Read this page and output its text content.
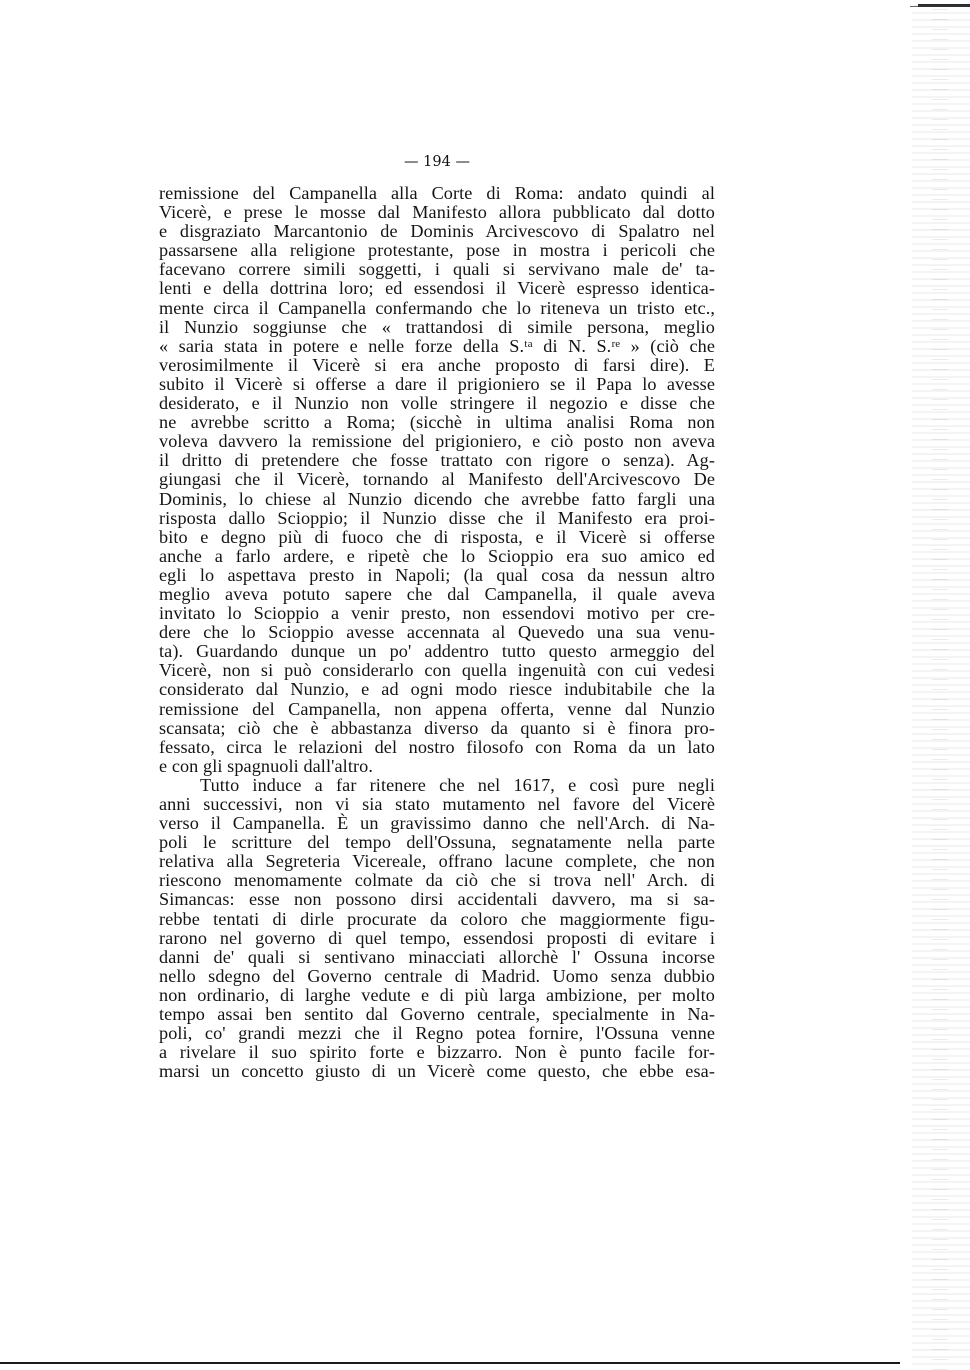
— 194 —
remissione del Campanella alla Corte di Roma: andato quindi al
Vicerè, e prese le mosse dal Manifesto allora pubblicato dal dotto
e disgraziato Marcantonio de Dominis Arcivescovo di Spalatro nel
passarsene alla religione protestante, pose in mostra i pericoli che
facevano correre simili soggetti, i quali si servivano male de' ta-
lenti e della dottrina loro; ed essendosi il Vicerè espresso identica-
mente circa il Campanella confermando che lo riteneva un tristo etc.,
il Nunzio soggiunse che « trattandosi di simile persona, meglio
« saria stata in potere e nelle forze della S.ᵗᵃ di N. S.ʳᵉ » (ciò che
verosimilmente il Vicerè si era anche proposto di farsi dire). E
subito il Vicerè si offerse a dare il prigioniero se il Papa lo avesse
desiderato, e il Nunzio non volle stringere il negozio e disse che
ne avrebbe scritto a Roma; (sicchè in ultima analisi Roma non
voleva davvero la remissione del prigioniero, e ciò posto non aveva
il dritto di pretendere che fosse trattato con rigore o senza). Ag-
giungasi che il Vicerè, tornando al Manifesto dell'Arcivescovo De
Dominis, lo chiese al Nunzio dicendo che avrebbe fatto fargli una
risposta dallo Scioppio; il Nunzio disse che il Manifesto era proi-
bito e degno più di fuoco che di risposta, e il Vicerè si offerse
anche a farlo ardere, e ripetè che lo Scioppio era suo amico ed
egli lo aspettava presto in Napoli; (la qual cosa da nessun altro
meglio aveva potuto sapere che dal Campanella, il quale aveva
invitato lo Scioppio a venir presto, non essendovi motivo per cre-
dere che lo Scioppio avesse accennata al Quevedo una sua venu-
ta). Guardando dunque un po' addentro tutto questo armeggio del
Vicerè, non si può considerarlo con quella ingenuità con cui vedesi
considerato dal Nunzio, e ad ogni modo riesce indubitabile che la
remissione del Campanella, non appena offerta, venne dal Nunzio
scansata; ciò che è abbastanza diverso da quanto si è finora pro-
fessato, circa le relazioni del nostro filosofo con Roma da un lato
e con gli spagnuoli dall'altro.
Tutto induce a far ritenere che nel 1617, e così pure negli
anni successivi, non vi sia stato mutamento nel favore del Vicerè
verso il Campanella. È un gravissimo danno che nell'Arch. di Na-
poli le scritture del tempo dell'Ossuna, segnatamente nella parte
relativa alla Segreteria Vicereale, offrano lacune complete, che non
riescono menomamente colmate da ciò che si trova nell' Arch. di
Simancas: esse non possono dirsi accidentali davvero, ma si sa-
rebbe tentati di dirle procurate da coloro che maggiormente figu-
rarono nel governo di quel tempo, essendosi proposti di evitare i
danni de' quali si sentivano minacciati allorchè l' Ossuna incorse
nello sdegno del Governo centrale di Madrid. Uomo senza dubbio
non ordinario, di larghe vedute e di più larga ambizione, per molto
tempo assai ben sentito dal Governo centrale, specialmente in Na-
poli, co' grandi mezzi che il Regno potea fornire, l'Ossuna venne
a rivelare il suo spirito forte e bizzarro. Non è punto facile for-
marsi un concetto giusto di un Vicerè come questo, che ebbe esa-
